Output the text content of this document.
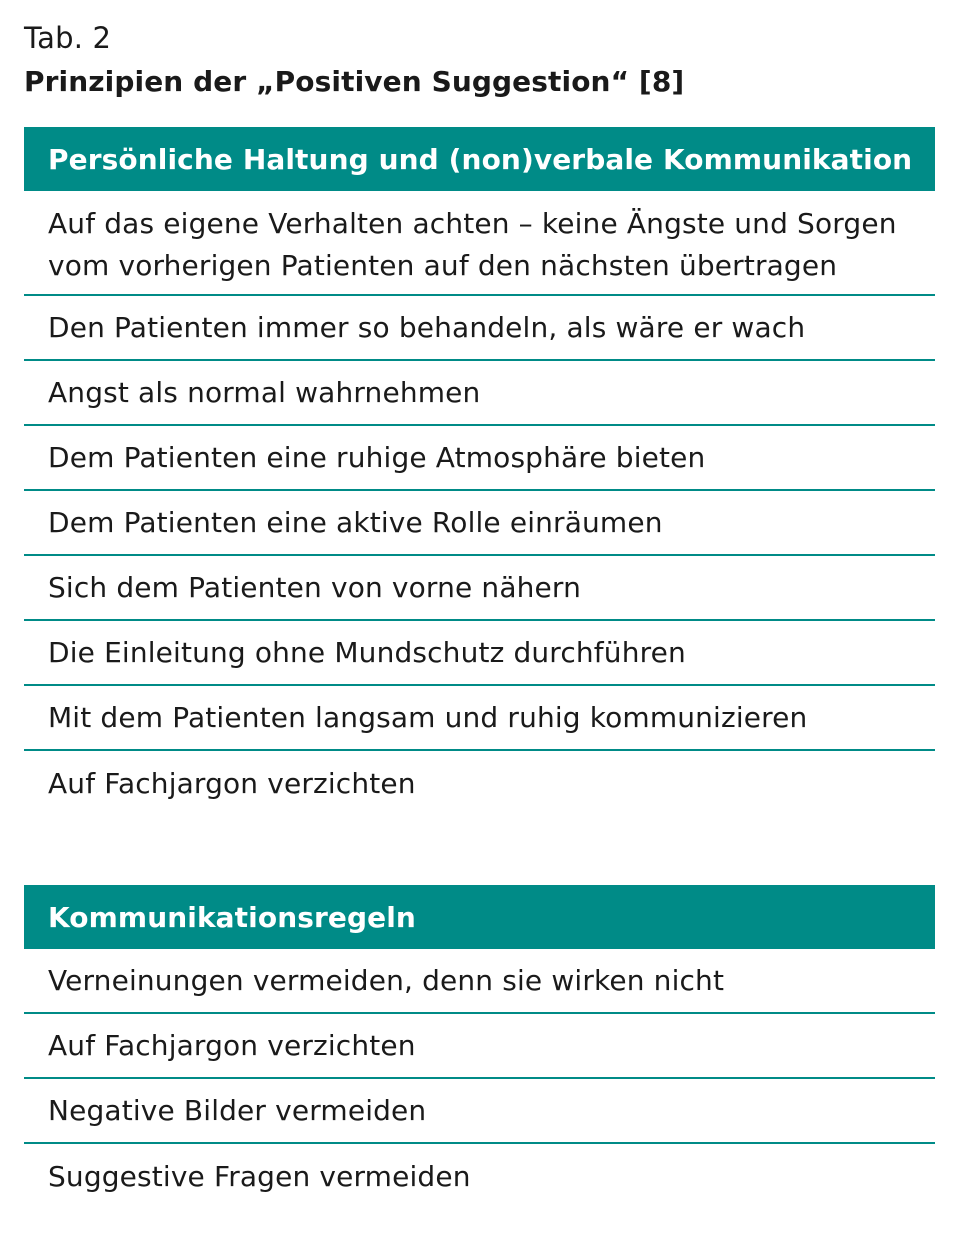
Tab. 2
Prinzipien der „Positiven Suggestion“ [8]
Persönliche Haltung und (non)verbale Kommunikation
Auf das eigene Verhalten achten – keine Ängste und Sorgen vom vorherigen Patienten auf den nächsten übertragen
Den Patienten immer so behandeln, als wäre er wach
Angst als normal wahrnehmen
Dem Patienten eine ruhige Atmosphäre bieten
Dem Patienten eine aktive Rolle einräumen
Sich dem Patienten von vorne nähern
Die Einleitung ohne Mundschutz durchführen
Mit dem Patienten langsam und ruhig kommunizieren
Auf Fachjargon verzichten
Kommunikationsregeln
Verneinungen vermeiden, denn sie wirken nicht
Auf Fachjargon verzichten
Negative Bilder vermeiden
Suggestive Fragen vermeiden
